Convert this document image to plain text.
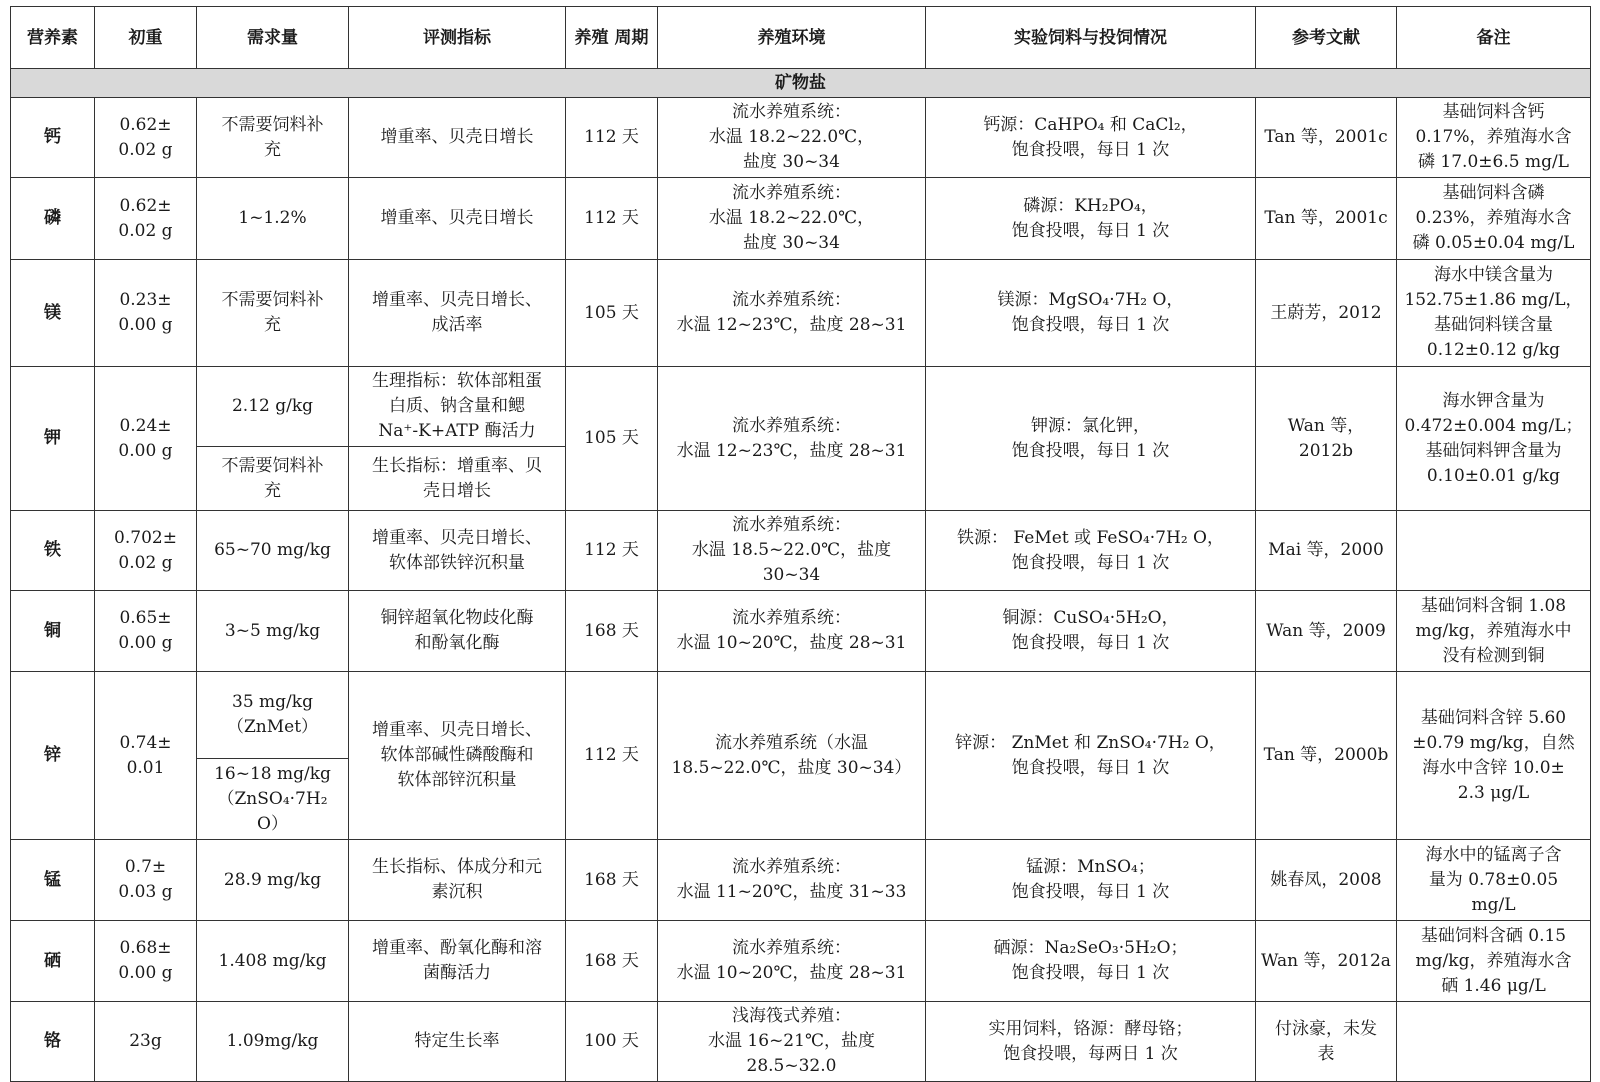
营养素	初重	需求量	评测指标	养殖 周期	养殖环境	实验饲料与投饲情况	参考文献	备注
矿物盐								
钙	0.62±
0.02 g	不需要饲料补
充	增重率、贝壳日增长	112 天	流水养殖系统：
水温 18.2~22.0℃，
盐度 30~34	钙源：CaHPO₄ 和 CaCl₂，
饱食投喂，每日 1 次	Tan 等，2001c	基础饲料含钙
0.17%，养殖海水含
磷 17.0±6.5 mg/L

磷	0.62±
0.02 g	1~1.2%	增重率、贝壳日增长	112 天	流水养殖系统：
水温 18.2~22.0℃，
盐度 30~34	磷源：KH₂PO₄，
饱食投喂，每日 1 次	Tan 等，2001c	基础饲料含磷
0.23%，养殖海水含
磷 0.05±0.04 mg/L

镁	0.23±
0.00 g	不需要饲料补
充	增重率、贝壳日增长、
成活率	105 天	流水养殖系统：
水温 12~23℃，盐度 28~31	镁源：MgSO₄·7H₂ O，
饱食投喂，每日 1 次	王蔚芳，2012	海水中镁含量为
152.75±1.86 mg/L，
基础饲料镁含量
0.12±0.12 g/kg

钾	0.24±
0.00 g	2.12 g/kg	生理指标：软体部粗蛋
白质、钠含量和鳃
Na⁺-K+ATP 酶活力	105 天	流水养殖系统：
水温 12~23℃，盐度 28~31	钾源：氯化钾，
饱食投喂，每日 1 次	Wan 等，2012b	海水钾含量为
0.472±0.004 mg/L；
基础饲料钾含量为
0.10±0.01 g/kg

		不需要饲料补
充	生长指标：增重率、贝
壳日增长					

铁	0.702±
0.02 g	65~70 mg/kg	增重率、贝壳日增长、
软体部铁锌沉积量	112 天	流水养殖系统：
水温 18.5~22.0℃，盐度 30~34	铁源： FeMet 或 FeSO₄·7H₂ O，
饱食投喂，每日 1 次	Mai 等，2000	
铜	0.65±
0.00 g	3~5 mg/kg	铜锌超氧化物歧化酶
和酚氧化酶	168 天	流水养殖系统：
水温 10~20℃，盐度 28~31	铜源：CuSO₄·5H₂O，
饱食投喂，每日 1 次	Wan 等，2009	基础饲料含铜 1.08
mg/kg，养殖海水中
没有检测到铜

锌	0.74±
0.01	35 mg/kg
（ZnMet）	增重率、贝壳日增长、
软体部碱性磷酸酶和
软体部锌沉积量	112 天	流水养殖系统（水温
18.5~22.0℃，盐度 30~34）	锌源： ZnMet 和 ZnSO₄·7H₂ O，
饱食投喂，每日 1 次	Tan 等，2000b	基础饲料含锌 5.60
±0.79 mg/kg，自然
海水中含锌 10.0±
2.3 μg/L

		16~18 mg/kg
（ZnSO₄·7H₂
O）						

锰	0.7±
0.03 g	28.9 mg/kg	生长指标、体成分和元
素沉积	168 天	流水养殖系统：
水温 11~20℃，盐度 31~33	锰源：MnSO₄；
饱食投喂，每日 1 次	姚春凤，2008	海水中的锰离子含
量为 0.78±0.05
mg/L

硒	0.68±
0.00 g	1.408 mg/kg	增重率、酚氧化酶和溶
菌酶活力	168 天	流水养殖系统：
水温 10~20℃，盐度 28~31	硒源：Na₂SeO₃·5H₂O；
饱食投喂，每日 1 次	Wan 等，2012a	基础饲料含硒 0.15
mg/kg，养殖海水含
硒 1.46 μg/L

铬	23g	1.09mg/kg	特定生长率	100 天	浅海筏式养殖：
水温 16~21℃，盐度 28.5~32.0	实用饲料，铬源：酵母铬；
饱食投喂，每两日 1 次	付泳豪，未发
表	
